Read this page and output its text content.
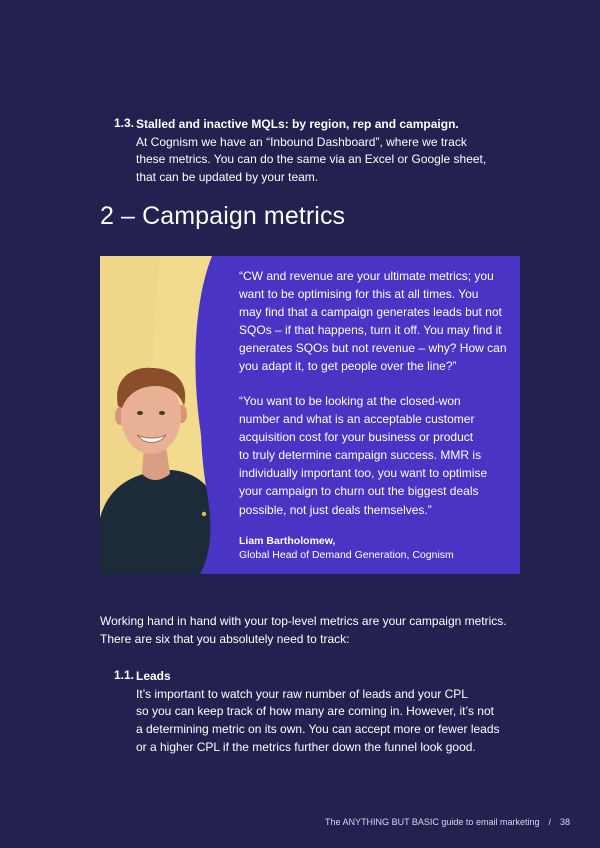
1.3. Stalled and inactive MQLs: by region, rep and campaign.
At Cognism we have an “Inbound Dashboard”, where we track
these metrics. You can do the same via an Excel or Google sheet,
that can be updated by your team.
2 – Campaign metrics
“CW and revenue are your ultimate metrics; you
want to be optimising for this at all times. You
may find that a campaign generates leads but not
SQOs – if that happens, turn it off. You may find it
generates SQOs but not revenue – why? How can
you adapt it, to get people over the line?”
“You want to be looking at the closed-won
number and what is an acceptable customer
acquisition cost for your business or product
to truly determine campaign success. MMR is
individually important too, you want to optimise
your campaign to churn out the biggest deals
possible, not just deals themselves.”
Liam Bartholomew,
Global Head of Demand Generation, Cognism
Working hand in hand with your top-level metrics are your campaign metrics.
There are six that you absolutely need to track:
1.1. Leads
It’s important to watch your raw number of leads and your CPL
so you can keep track of how many are coming in. However, it’s not
a determining metric on its own. You can accept more or fewer leads
or a higher CPL if the metrics further down the funnel look good.
The ANYTHING BUT BASIC guide to email marketing / 38
